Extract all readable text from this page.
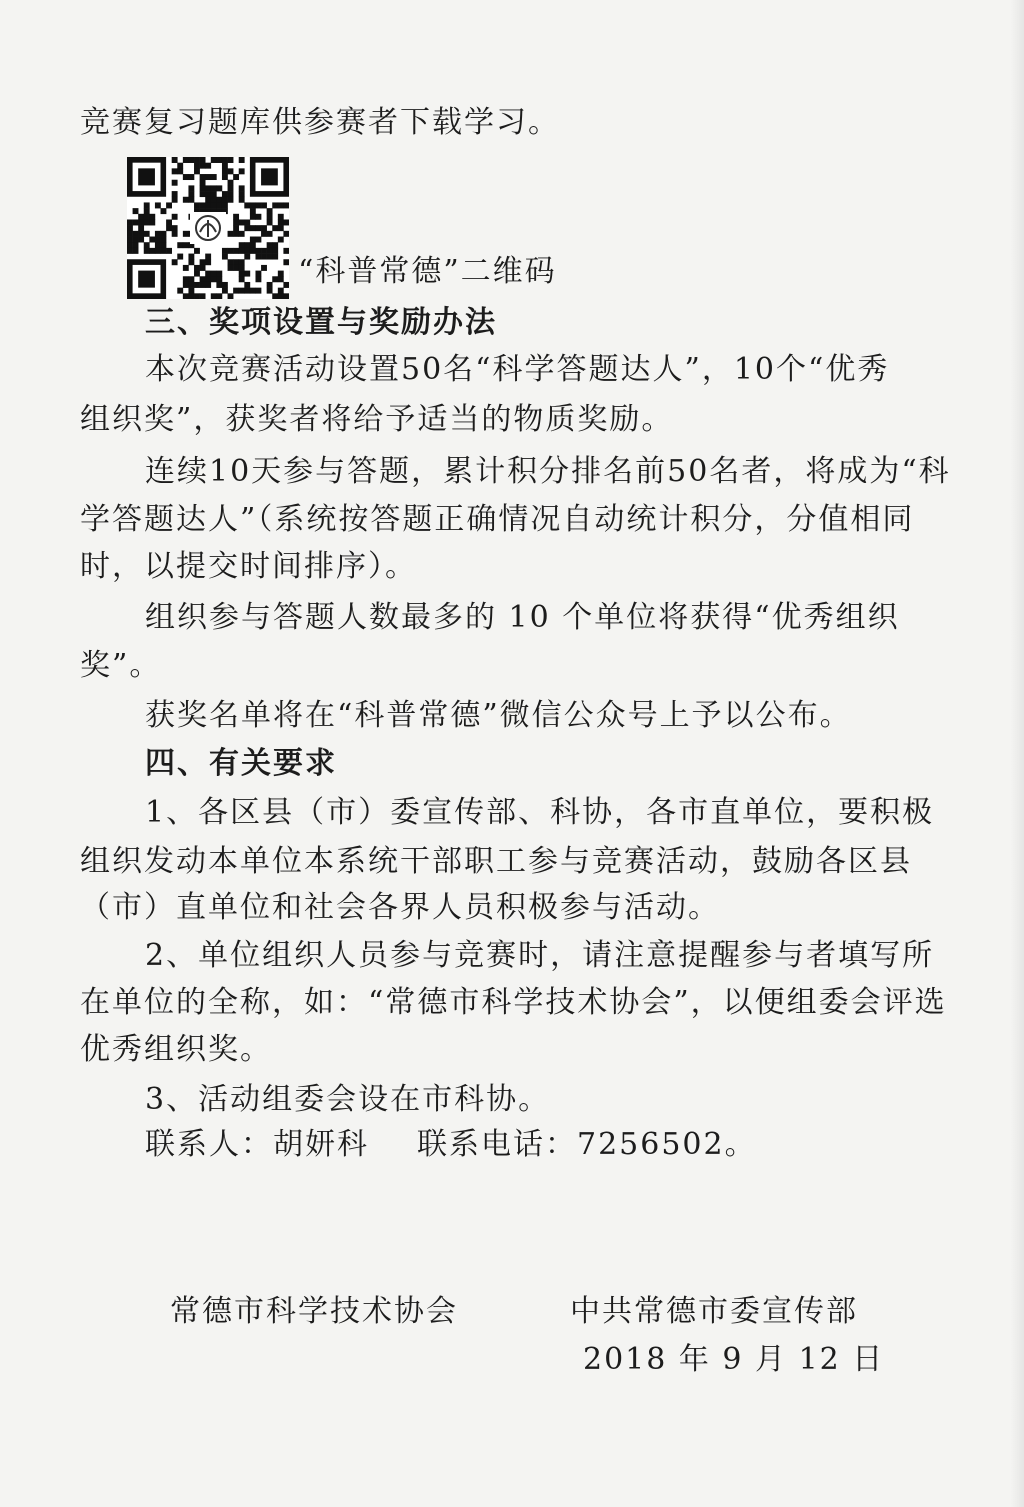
竞赛复习题库供参赛者下载学习。
“科普常德”二维码
三、奖项设置与奖励办法
本次竞赛活动设置50名“科学答题达人”，10个“优秀
组织奖”，获奖者将给予适当的物质奖励。
连续10天参与答题，累计积分排名前50名者，将成为“科
学答题达人”（系统按答题正确情况自动统计积分，分值相同
时，以提交时间排序）。
组织参与答题人数最多的 10 个单位将获得“优秀组织
奖”。
获奖名单将在“科普常德”微信公众号上予以公布。
四、有关要求
1、各区县（市）委宣传部、科协，各市直单位，要积极
组织发动本单位本系统干部职工参与竞赛活动，鼓励各区县
（市）直单位和社会各界人员积极参与活动。
2、单位组织人员参与竞赛时，请注意提醒参与者填写所
在单位的全称，如：“常德市科学技术协会”，以便组委会评选
优秀组织奖。
3、活动组委会设在市科协。
联系人：胡妍科 联系电话：7256502。
常德市科学技术协会	中共常德市委宣传部
2018 年 9 月 12 日
